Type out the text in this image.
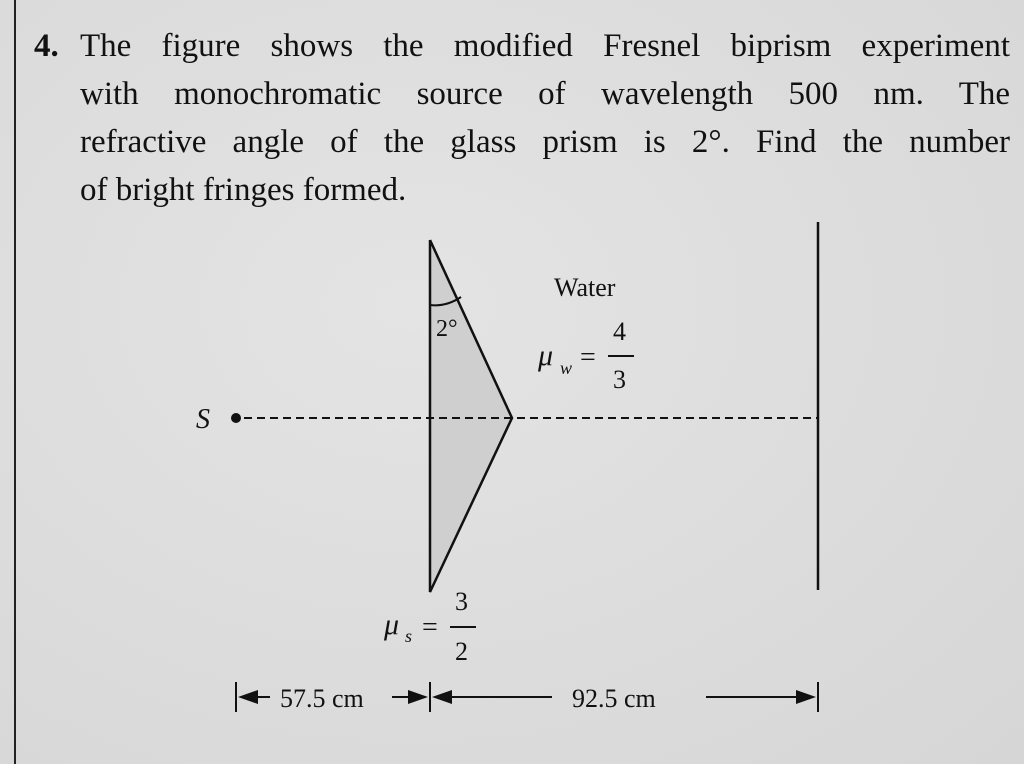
4. The figure shows the modified Fresnel biprism experiment
with monochromatic source of wavelength 500 nm. The
refractive angle of the glass prism is 2°. Find the number
of bright fringes formed.
S
2°
Water
μ w =
4
3
μ s =
3
2
57.5 cm	92.5 cm
